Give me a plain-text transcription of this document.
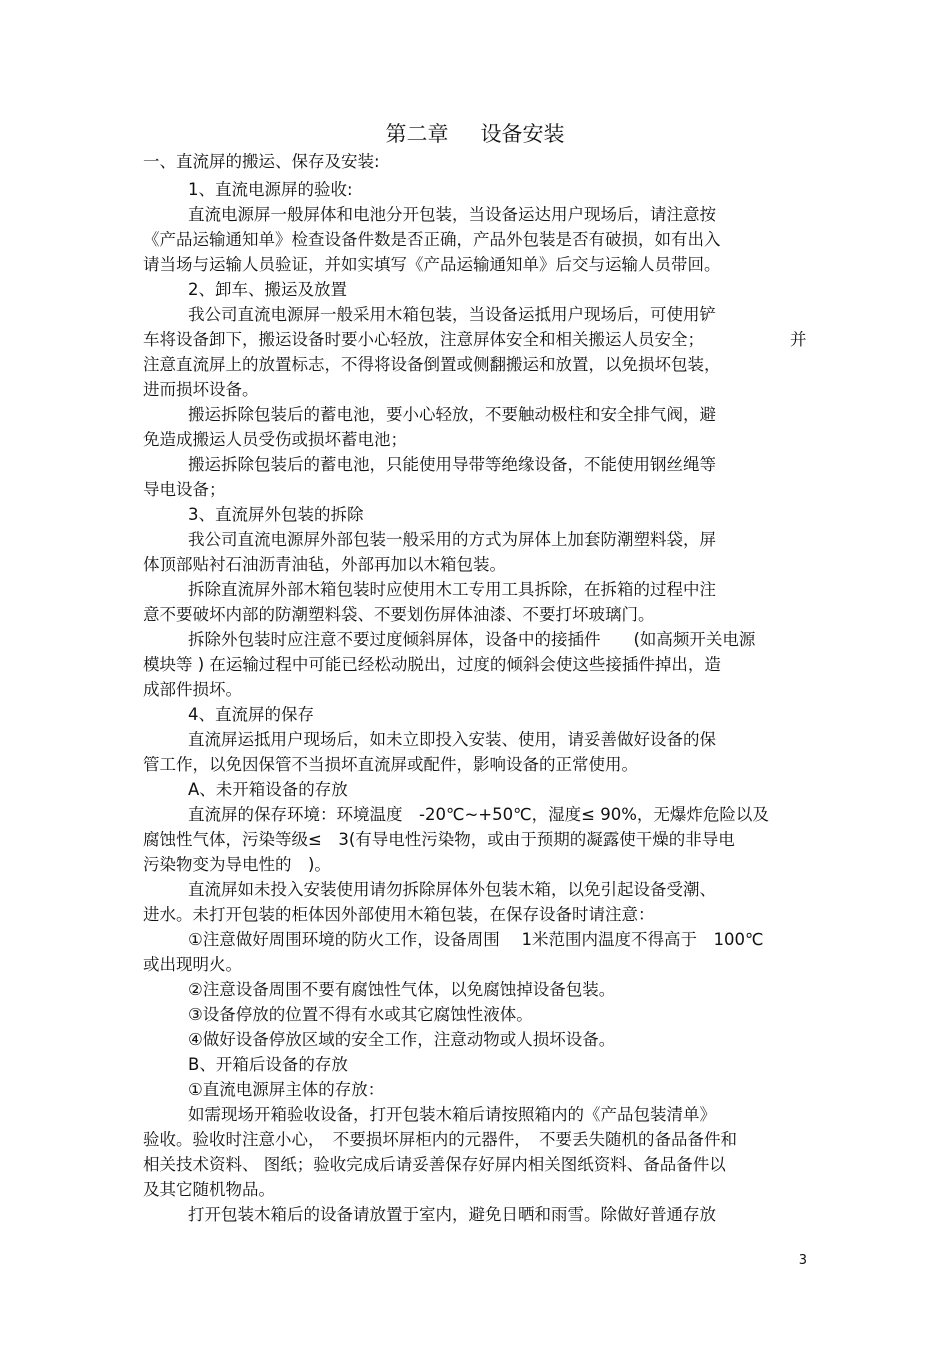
第二章 设备安装
一、直流屏的搬运、保存及安装:
1、直流电源屏的验收:
直流电源屏一般屏体和电池分开包装，当设备运达用户现场后，请注意按
《产品运输通知单》检查设备件数是否正确，产品外包装是否有破损，如有出入
请当场与运输人员验证，并如实填写《产品运输通知单》后交与运输人员带回。
2、卸车、搬运及放置
我公司直流电源屏一般采用木箱包装，当设备运抵用户现场后，可使用铲
车将设备卸下，搬运设备时要小心轻放，注意屏体安全和相关搬运人员安全；	并
注意直流屏上的放置标志，不得将设备倒置或侧翻搬运和放置，以免损坏包装，
进而损坏设备。
搬运拆除包装后的蓄电池，要小心轻放，不要触动极柱和安全排气阀，避
免造成搬运人员受伤或损坏蓄电池；
搬运拆除包装后的蓄电池，只能使用导带等绝缘设备，不能使用钢丝绳等
导电设备；
3、直流屏外包装的拆除
我公司直流电源屏外部包装一般采用的方式为屏体上加套防潮塑料袋，屏
体顶部贴衬石油沥青油毡，外部再加以木箱包装。
拆除直流屏外部木箱包装时应使用木工专用工具拆除，在拆箱的过程中注
意不要破坏内部的防潮塑料袋、不要划伤屏体油漆、不要打坏玻璃门。
拆除外包装时应注意不要过度倾斜屏体，设备中的接插件　　(如高频开关电源
模块等 ) 在运输过程中可能已经松动脱出，过度的倾斜会使这些接插件掉出，造
成部件损坏。
4、直流屏的保存
直流屏运抵用户现场后，如未立即投入安装、使用，请妥善做好设备的保
管工作，以免因保管不当损坏直流屏或配件，影响设备的正常使用。
A、未开箱设备的存放
直流屏的保存环境：环境温度　-20℃~+50℃，湿度≤ 90%，无爆炸危险以及
腐蚀性气体，污染等级≤　3(有导电性污染物，或由于预期的凝露使干燥的非导电
污染物变为导电性的　)。
直流屏如未投入安装使用请勿拆除屏体外包装木箱，以免引起设备受潮、
进水。未打开包装的柜体因外部使用木箱包装，在保存设备时请注意：
①注意做好周围环境的防火工作，设备周围　 1米范围内温度不得高于　100℃
或出现明火。
②注意设备周围不要有腐蚀性气体，以免腐蚀掉设备包装。
③设备停放的位置不得有水或其它腐蚀性液体。
④做好设备停放区域的安全工作，注意动物或人损坏设备。
B、开箱后设备的存放
①直流电源屏主体的存放：
如需现场开箱验收设备，打开包装木箱后请按照箱内的《产品包装清单》
验收。验收时注意小心，　不要损坏屏柜内的元器件，　不要丢失随机的备品备件和
相关技术资料、 图纸；验收完成后请妥善保存好屏内相关图纸资料、备品备件以
及其它随机物品。
打开包装木箱后的设备请放置于室内，避免日晒和雨雪。除做好普通存放
3
